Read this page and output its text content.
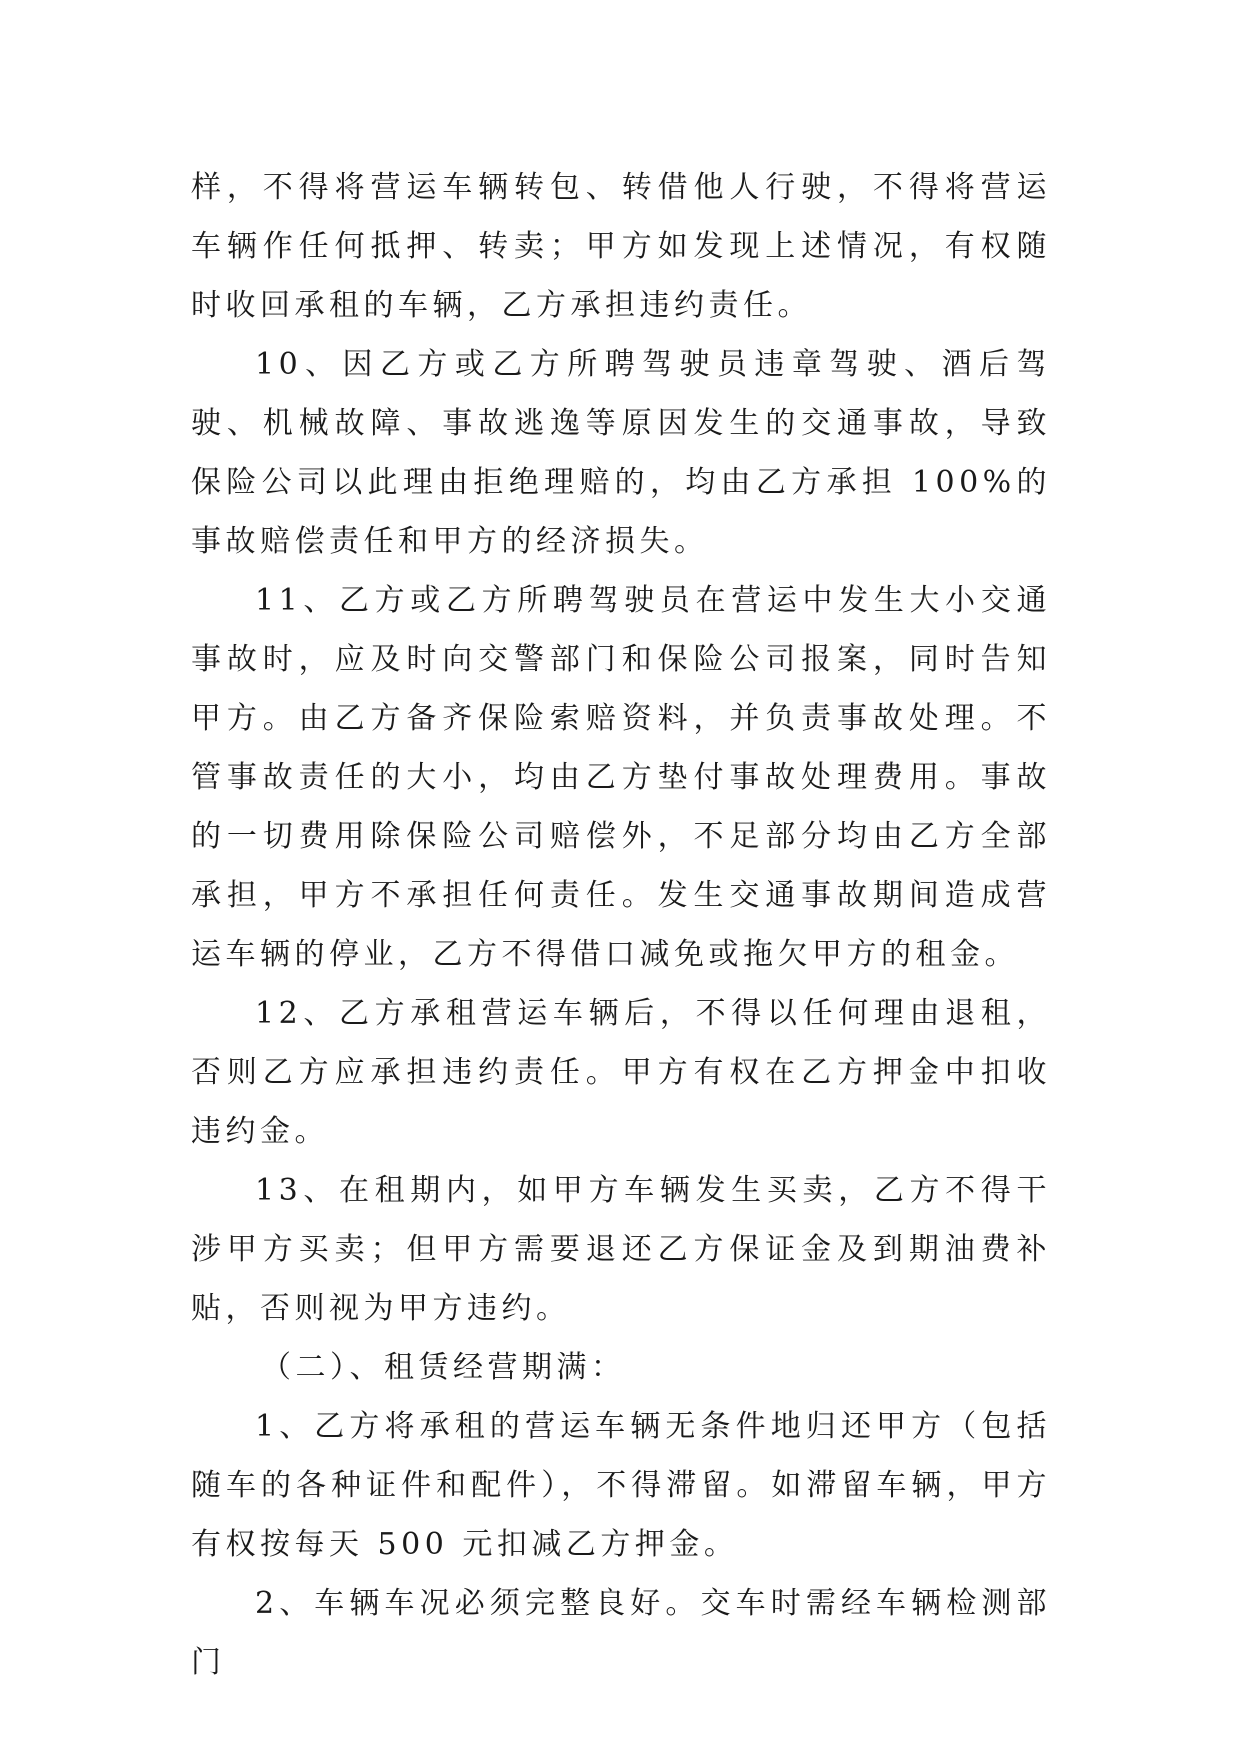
样，不得将营运车辆转包、转借他人行驶，不得将营运车辆作任何抵押、转卖；甲方如发现上述情况，有权随时收回承租的车辆，乙方承担违约责任。

10、因乙方或乙方所聘驾驶员违章驾驶、酒后驾驶、机械故障、事故逃逸等原因发生的交通事故，导致保险公司以此理由拒绝理赔的，均由乙方承担 100%的事故赔偿责任和甲方的经济损失。

11、乙方或乙方所聘驾驶员在营运中发生大小交通事故时，应及时向交警部门和保险公司报案，同时告知甲方。由乙方备齐保险索赔资料，并负责事故处理。不管事故责任的大小，均由乙方垫付事故处理费用。事故的一切费用除保险公司赔偿外，不足部分均由乙方全部承担，甲方不承担任何责任。发生交通事故期间造成营运车辆的停业，乙方不得借口减免或拖欠甲方的租金。

12、乙方承租营运车辆后，不得以任何理由退租，否则乙方应承担违约责任。甲方有权在乙方押金中扣收违约金。

13、在租期内，如甲方车辆发生买卖，乙方不得干涉甲方买卖；但甲方需要退还乙方保证金及到期油费补贴，否则视为甲方违约。

（二）、租赁经营期满：

1、乙方将承租的营运车辆无条件地归还甲方（包括随车的各种证件和配件），不得滞留。如滞留车辆，甲方有权按每天 500 元扣减乙方押金。

2、车辆车况必须完整良好。交车时需经车辆检测部门
